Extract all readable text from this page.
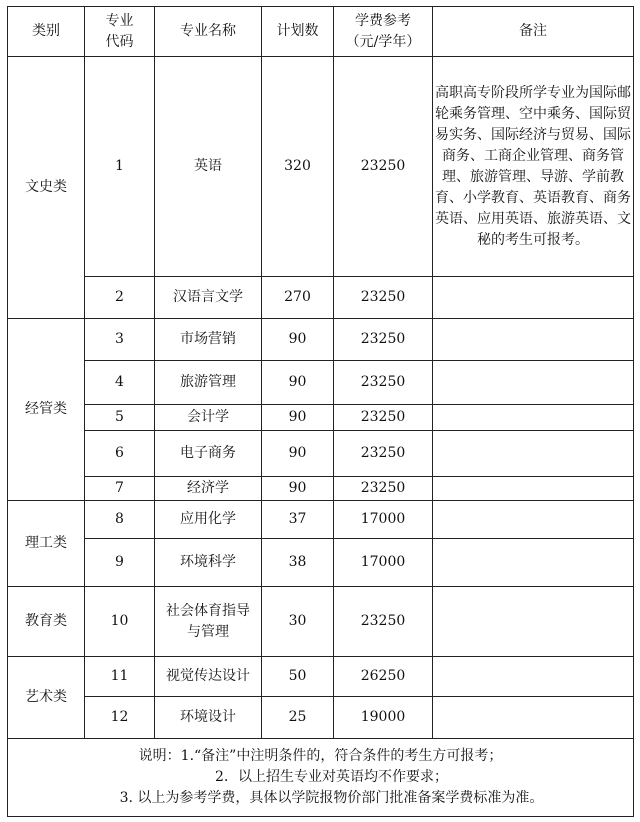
类别	专业代码	专业名称	计划数	学费参考（元/学年）	备注
文史类	1	英语	320	23250	高职高专阶段所学专业为国际邮轮乘务管理、空中乘务、国际贸易实务、国际经济与贸易、国际商务、工商企业管理、商务管理、旅游管理、导游、学前教育、小学教育、英语教育、商务英语、应用英语、旅游英语、文秘的考生可报考。
	2	汉语言文学	270	23250	
经管类	3	市场营销	90	23250	
	4	旅游管理	90	23250	
	5	会计学	90	23250	
	6	电子商务	90	23250	
	7	经济学	90	23250	
理工类	8	应用化学	37	17000	
	9	环境科学	38	17000	
教育类	10	社会体育指导与管理	30	23250	
艺术类	11	视觉传达设计	50	26250	
	12	环境设计	25	19000	

说明：1.“备注”中注明条件的，符合条件的考生方可报考；
2．以上招生专业对英语均不作要求；
3. 以上为参考学费，具体以学院报物价部门批准备案学费标准为准。					
